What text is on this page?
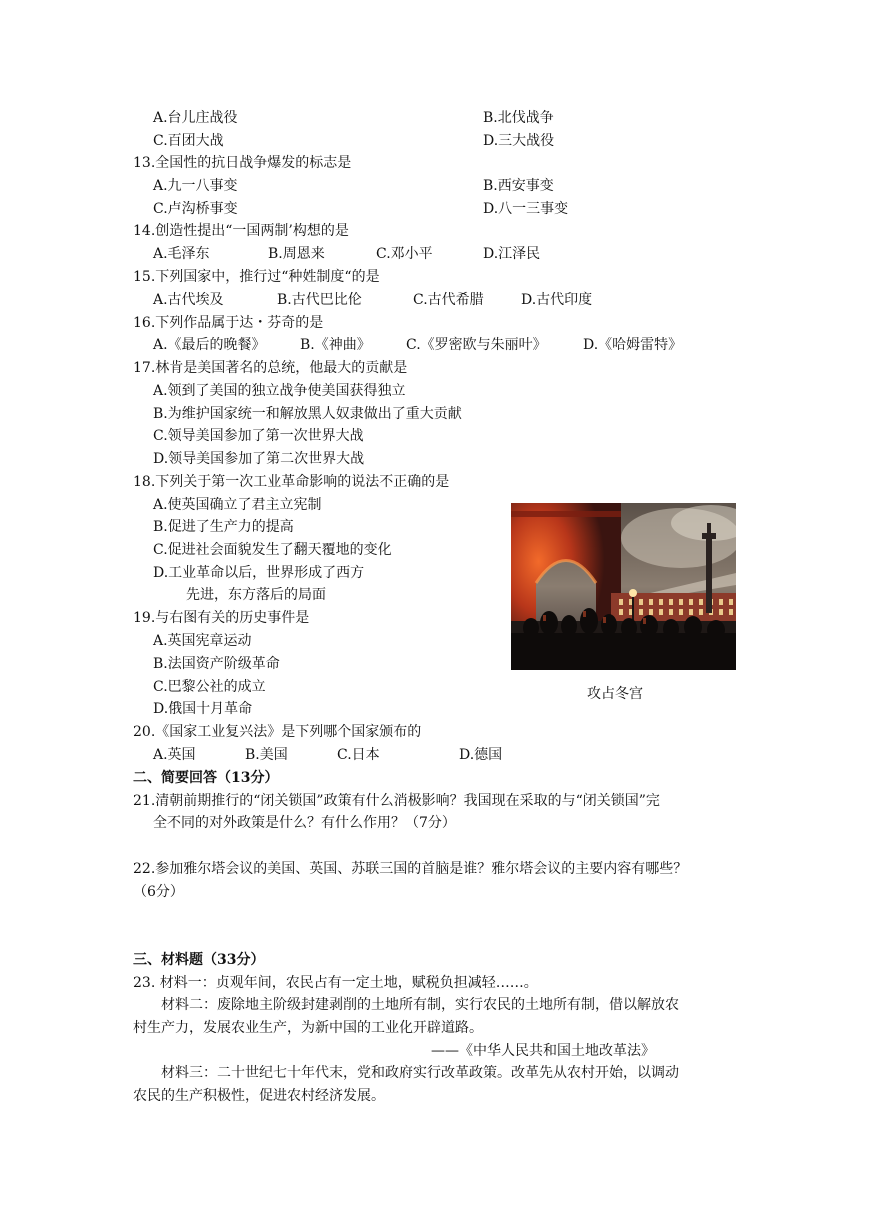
A.台儿庄战役	B.北伐战争
C.百团大战	D.三大战役
13.全国性的抗日战争爆发的标志是
A.九一八事变	B.西安事变
C.卢沟桥事变	D.八一三事变
14.创造性提出“一国两制’构想的是
A.毛泽东	B.周恩来	C.邓小平	D.江泽民
15.下列国家中，推行过“种姓制度“的是
A.古代埃及	B.古代巴比伦	C.古代希腊	D.古代印度
16.下列作品属于达・芬奇的是
A.《最后的晚餐》 B.《神曲》	C.《罗密欧与朱丽叶》	D.《哈姆雷特》
17.林肯是美国著名的总统，他最大的贡献是
A.领到了美国的独立战争使美国获得独立
B.为维护国家统一和解放黑人奴隶做出了重大贡献
C.领导美国参加了第一次世界大战
D.领导美国参加了第二次世界大战
18.下列关于第一次工业革命影响的说法不正确的是
A.使英国确立了君主立宪制
B.促进了生产力的提高
C.促进社会面貌发生了翻天覆地的变化
D.工业革命以后，世界形成了西方
先进，东方落后的局面
19.与右图有关的历史事件是
A.英国宪章运动
B.法国资产阶级革命
C.巴黎公社的成立
D.俄国十月革命
攻占冬宫
20.《国家工业复兴法》是下列哪个国家颁布的
A.英国	B.美国	C.日本	D.德国
二、简要回答（13分）
21.清朝前期推行的“闭关锁国”政策有什么消极影响？我国现在采取的与“闭关锁国”完
全不同的对外政策是什么？有什么作用？（7分）
22.参加雅尔塔会议的美国、英国、苏联三国的首脑是谁？雅尔塔会议的主要内容有哪些？
（6分）
三、材料题（33分）
23. 材料一：贞观年间，农民占有一定土地，赋税负担减轻……。
材料二：废除地主阶级封建剥削的土地所有制，实行农民的土地所有制，借以解放农
村生产力，发展农业生产，为新中国的工业化开辟道路。
——《中华人民共和国土地改革法》
材料三：二十世纪七十年代末，党和政府实行改革政策。改革先从农村开始，以调动
农民的生产积极性，促进农村经济发展。
